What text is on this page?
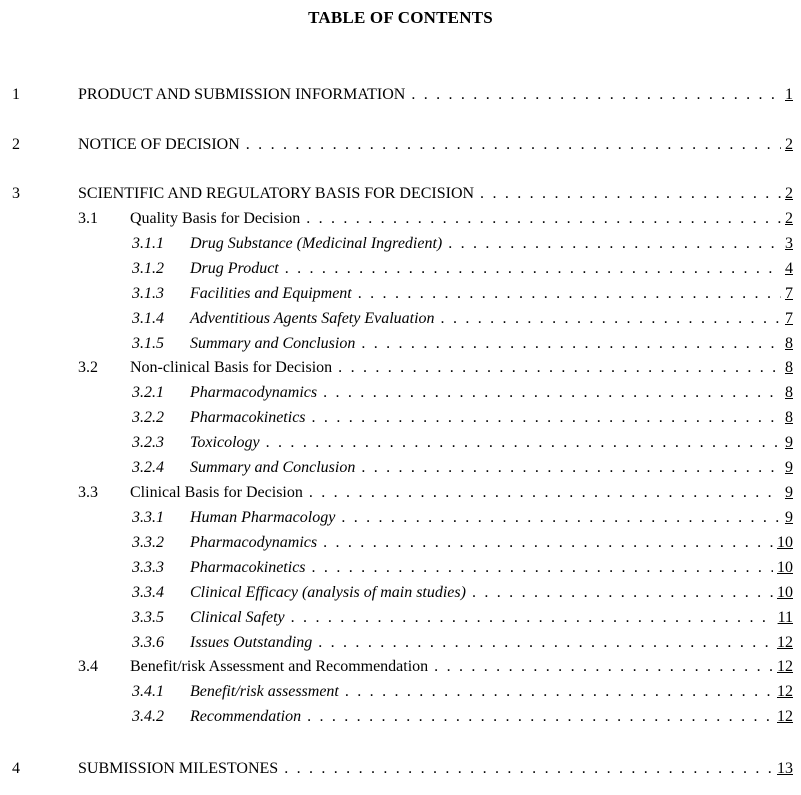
TABLE OF CONTENTS
1	PRODUCT AND SUBMISSION INFORMATION . . .	1
2	NOTICE OF DECISION . . .	2
3	SCIENTIFIC AND REGULATORY BASIS FOR DECISION . . .	2
3.1	Quality Basis for Decision . . .	2
3.1.1	Drug Substance (Medicinal Ingredient) . . .	3
3.1.2	Drug Product . . .	4
3.1.3	Facilities and Equipment . . .	7
3.1.4	Adventitious Agents Safety Evaluation . . .	7
3.1.5	Summary and Conclusion . . .	8
3.2	Non-clinical Basis for Decision . . .	8
3.2.1	Pharmacodynamics . . .	8
3.2.2	Pharmacokinetics . . .	8
3.2.3	Toxicology . . .	9
3.2.4	Summary and Conclusion . . .	9
3.3	Clinical Basis for Decision . . .	9
3.3.1	Human Pharmacology . . .	9
3.3.2	Pharmacodynamics . . .	10
3.3.3	Pharmacokinetics . . .	10
3.3.4	Clinical Efficacy (analysis of main studies) . . .	10
3.3.5	Clinical Safety . . .	11
3.3.6	Issues Outstanding . . .	12
3.4	Benefit/risk Assessment and Recommendation . . .	12
3.4.1	Benefit/risk assessment . . .	12
3.4.2	Recommendation . . .	12
4	SUBMISSION MILESTONES . . .	13
